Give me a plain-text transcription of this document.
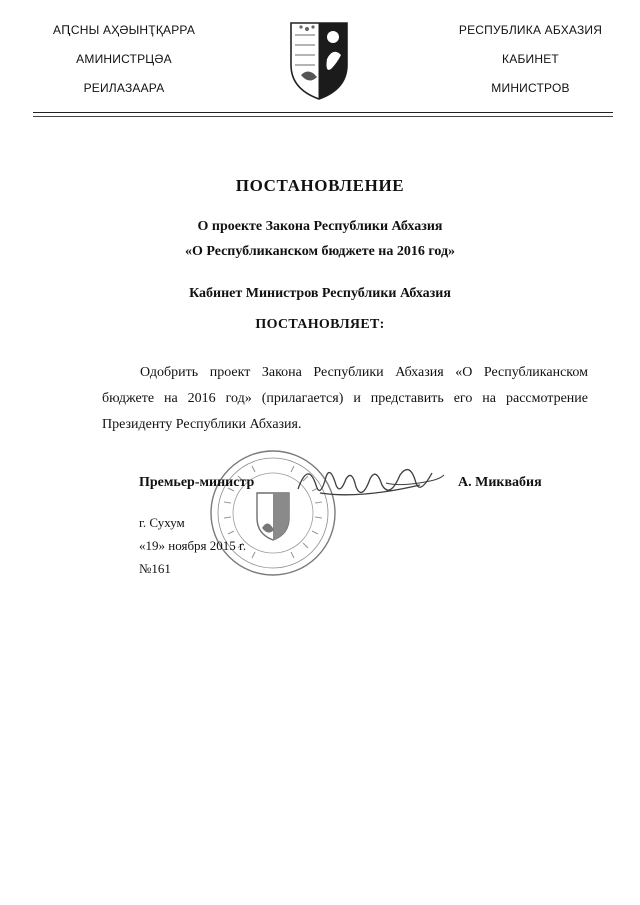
АԤСНЫ АҲӘЫНҬҚАРРА
АМИНИСТРЦӘА
РЕИЛАЗААРА
РЕСПУБЛИКА АБХАЗИЯ
КАБИНЕТ
МИНИСТРОВ
ПОСТАНОВЛЕНИЕ
О проекте Закона Республики Абхазия
«О Республиканском бюджете на 2016 год»
Кабинет Министров Республики Абхазия
ПОСТАНОВЛЯЕТ:
Одобрить проект Закона Республики Абхазия «О Республиканском бюджете на 2016 год» (прилагается) и представить его на рассмотрение Президенту Республики Абхазия.
Премьер-министр	А. Миквабия
г. Сухум
«19» ноября 2015 г.
№161
